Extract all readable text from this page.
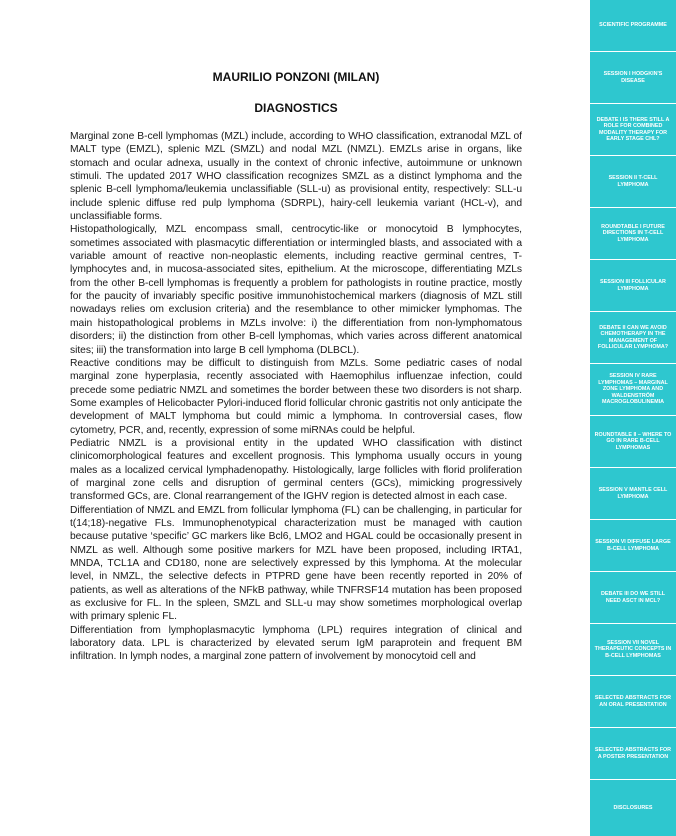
MAURILIO PONZONI (MILAN)
DIAGNOSTICS

Marginal zone B-cell lymphomas (MZL) include, according to WHO classification, extranodal MZL of MALT type (EMZL), splenic MZL (SMZL) and nodal MZL (NMZL). EMZLs arise in organs, like stomach and ocular adnexa, usually in the context of chronic infective, autoimmune or unknown stimuli. The updated 2017 WHO classification recognizes SMZL as a distinct lymphoma and the splenic B-cell lymphoma/leukemia unclassifiable (SLL-u) as provisional entity, respectively: SLL-u include splenic diffuse red pulp lymphoma (SDRPL), hairy-cell leukemia variant (HCL-v), and unclassifiable forms.

Histopathologically, MZL encompass small, centrocytic-like or monocytoid B lymphocytes, sometimes associated with plasmacytic differentiation or intermingled blasts, and associated with a variable amount of reactive non-neoplastic elements, including reactive germinal centres, T-lymphocytes and, in mucosa-associated sites, epithelium. At the microscope, differentiating MZLs from the other B-cell lymphomas is frequently a problem for pathologists in routine practice, mostly for the paucity of invariably specific positive immunohistochemical markers (diagnosis of MZL still nowadays relies om exclusion criteria) and the resemblance to other mimicker lymphomas. The main histopathological problems in MZLs involve: i) the differentiation from non-lymphomatous disorders; ii) the distinction from other B-cell lymphomas, which varies across different anatomical sites; iii) the transformation into large B cell lymphoma (DLBCL).

Reactive conditions may be difficult to distinguish from MZLs. Some pediatric cases of nodal marginal zone hyperplasia, recently associated with Haemophilus influenzae infection, could precede some pediatric NMZL and sometimes the border between these two disorders is not sharp. Some examples of Helicobacter Pylori-induced florid follicular chronic gastritis not only anticipate the development of MALT lymphoma but could mimic a lymphoma. In controversial cases, flow cytometry, PCR, and, recently, expression of some miRNAs could be helpful.

Pediatric NMZL is a provisional entity in the updated WHO classification with distinct clinicomorphological features and excellent prognosis. This lymphoma usually occurs in young males as a localized cervical lymphadenopathy. Histologically, large follicles with florid proliferation of marginal zone cells and disruption of germinal centers (GCs), mimicking progressively transformed GCs, are. Clonal rearrangement of the IGHV region is detected almost in each case.

Differentiation of NMZL and EMZL from follicular lymphoma (FL) can be challenging, in particular for t(14;18)-negative FLs. Immunophenotypical characterization must be managed with caution because putative ‘specific’ GC markers like Bcl6, LMO2 and HGAL could be occasionally present in NMZL as well. Although some positive markers for MZL have been proposed, including IRTA1, MNDA, TCL1A and CD180, none are selectively expressed by this lymphoma. At the molecular level, in NMZL, the selective defects in PTPRD gene have been recently reported in 20% of patients, as well as alterations of the NFkB pathway, while TNFRSF14 mutation has been proposed as exclusive for FL. In the spleen, SMZL and SLL-u may show sometimes morphological overlap with primary splenic FL.

Differentiation from lymphoplasmacytic lymphoma (LPL) requires integration of clinical and laboratory data. LPL is characterized by elevated serum IgM paraprotein and frequent BM infiltration. In lymph nodes, a marginal zone pattern of involvement by monocytoid cell and

SCIENTIFIC PROGRAMME
SESSION I HODGKIN'S DISEASE
DEBATE I IS THERE STILL A ROLE FOR COMBINED MODALITY THERAPY FOR EARLY STAGE CHL?
SESSION II T-CELL LYMPHOMA
ROUNDTABLE I FUTURE DIRECTIONS IN T-CELL LYMPHOMA
SESSION III FOLLICULAR LYMPHOMA
DEBATE II CAN WE AVOID CHEMOTHERAPY IN THE MANAGEMENT OF FOLLICULAR LYMPHOMA?
SESSION IV RARE LYMPHOMAS – MARGINAL ZONE LYMPHOMA AND WALDENSTRÖM MACROGLOBULINEMIA
ROUNDTABLE II – WHERE TO GO IN RARE B-CELL LYMPHOMAS
SESSION V MANTLE CELL LYMPHOMA
SESSION VI DIFFUSE LARGE B-CELL LYMPHOMA
DEBATE III DO WE STILL NEED ASCT IN MCL?
SESSION VII NOVEL THERAPEUTIC CONCEPTS IN B-CELL LYMPHOMAS
SELECTED ABSTRACTS FOR AN ORAL PRESENTATION
SELECTED ABSTRACTS FOR A POSTER PRESENTATION
DISCLOSURES
